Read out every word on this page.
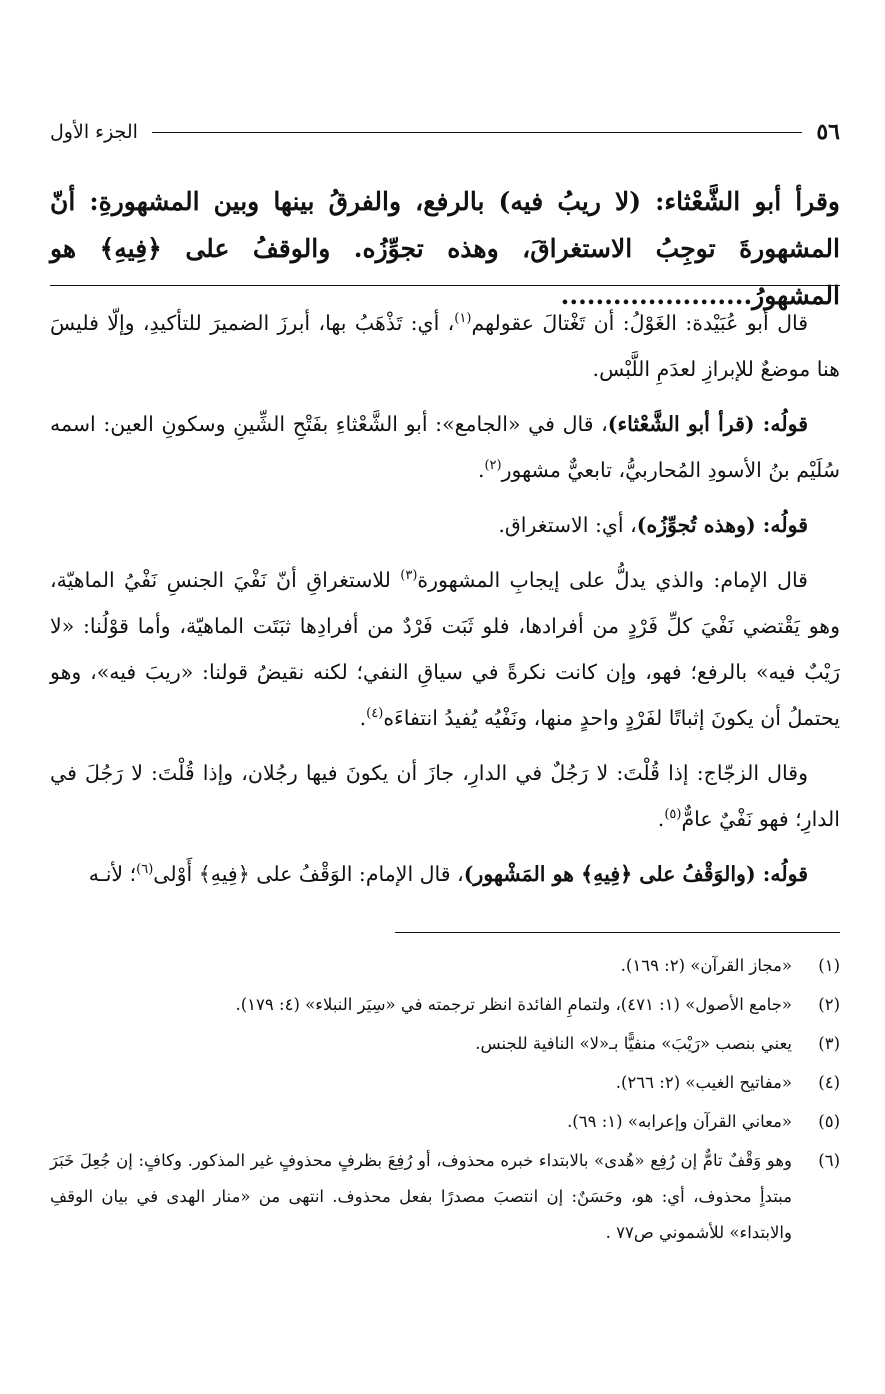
٥٦
الجزء الأول

وقرأ أبو الشَّعْثاء: (لا ريبُ فيه) بالرفع، والفرقُ بينها وبين المشهورةِ: أنّ المشهورةَ توجِبُ الاستغراقَ، وهذه تجوِّزُه. والوقفُ على ﴿فِيهِ﴾ هو المشهورُ......................

قال أبو عُبَيْدة: الغَوْلُ: أن تَغْتالَ عقولهم$^{(١)}$، أي: تَذْهَبُ بها، أبرزَ الضميرَ للتأكيدِ، وإلّا فليسَ هنا موضعٌ للإبرازِ لعدَمِ اللَّبْس.

قولُه: (قرأ أبو الشَّعْثاء)، قال في «الجامع»: أبو الشَّعْثاءِ بفَتْحِ الشِّينِ وسكونِ العين: اسمه سُلَيْم بنُ الأسودِ المُحاربيُّ، تابعيٌّ مشهور$^{(٢)}$.

قولُه: (وهذه تُجوِّزُه)، أي: الاستغراق.

قال الإمام: والذي يدلُّ على إيجابِ المشهورة$^{(٣)}$ للاستغراقِ أنّ نَفْيَ الجنسِ نَفْيُ الماهيّة، وهو يَقْتضي نَفْيَ كلِّ فَرْدٍ من أفرادها، فلو ثَبَت فَرْدٌ من أفرادِها ثبَتَت الماهيّة، وأما قوْلُنا: «لا رَيْبٌ فيه» بالرفع؛ فهو، وإن كانت نكرةً في سياقِ النفي؛ لكنه نقيضُ قولنا: «ريبَ فيه»، وهو يحتملُ أن يكونَ إثباتًا لفَرْدٍ واحدٍ منها، ونَفْيُه يُفيدُ انتفاءَه$^{(٤)}$.

وقال الزجّاج: إذا قُلْتَ: لا رَجُلٌ في الدارِ، جازَ أن يكونَ فيها رجُلان، وإذا قُلْتَ: لا رَجُلَ في الدارِ؛ فهو نَفْيٌ عامٌّ$^{(٥)}$.

قولُه: (والوَقْفُ على ﴿فِيهِ﴾ هو المَشْهور)، قال الإمام: الوَقْفُ على ﴿فِيهِ﴾ أَوْلى$^{(٦)}$؛ لأنـه

(١)
«مجاز القرآن» (٢: ١٦٩).
(٢)
«جامع الأصول» (١: ٤٧١)، ولتمامِ الفائدة انظر ترجمته في «سِيَر النبلاء» (٤: ١٧٩).
(٣)
يعني بنصب «رَيْبَ» منفيًّا بـ«لا» النافية للجنس.
(٤)
«مفاتيح الغيب» (٢: ٢٦٦).
(٥)
«معاني القرآن وإعرابه» (١: ٦٩).
(٦)
وهو وَقْفٌ تامٌّ إن رُفِع «هُدى» بالابتداء خبره محذوف، أو رُفِعَ بظرفٍ محذوفٍ غير المذكور. وكافٍ: إن جُعِلَ خَبَرَ مبتدأٍ محذوف، أي: هو، وحَسَنٌ: إن انتصبَ مصدرًا بفعل محذوف. انتهى من «منار الهدى في بيان الوقفِ والابتداء» للأشموني ص٧٧ .
